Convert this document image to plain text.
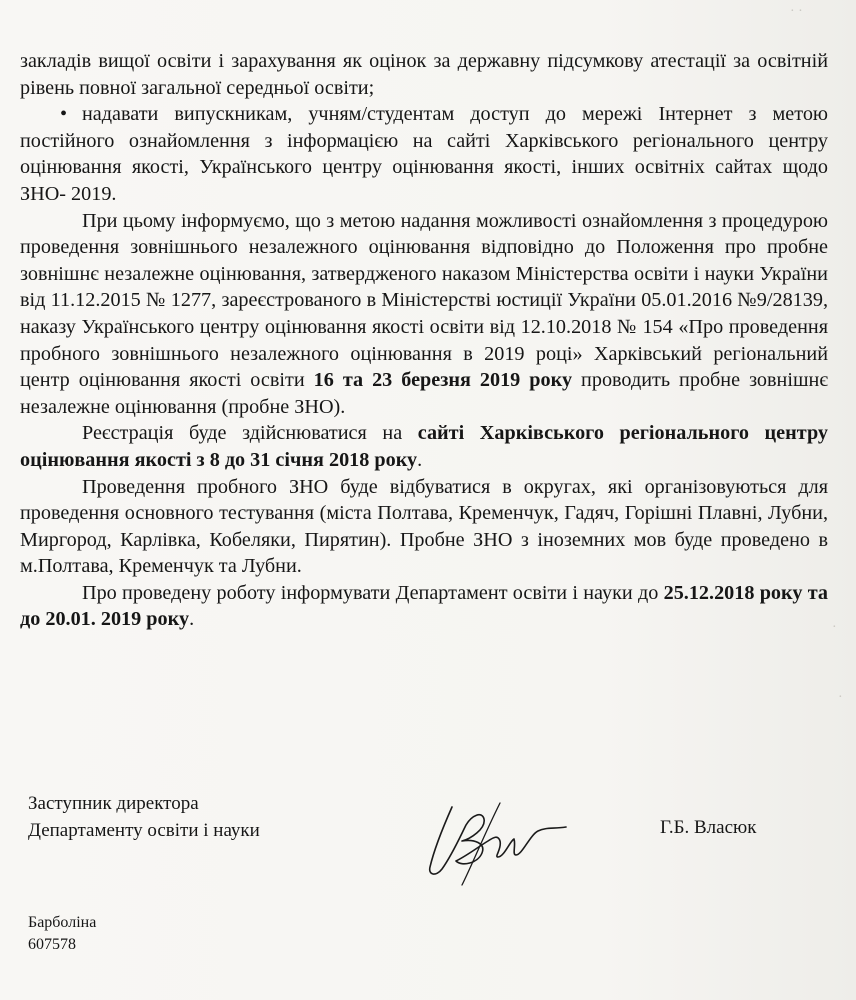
· ·
·
·

закладів вищої освіти і зарахування як оцінок за державну підсумкову атестації за освітній рівень повної загальної середньої освіти;

• надавати випускникам, учням/студентам доступ до мережі Інтернет з метою постійного ознайомлення з інформацією на сайті Харківського регіонального центру оцінювання якості, Українського центру оцінювання якості, інших освітніх сайтах щодо ЗНО- 2019.

При цьому інформуємо, що з метою надання можливості ознайомлення з процедурою проведення зовнішнього незалежного оцінювання відповідно до Положення про пробне зовнішнє незалежне оцінювання, затвердженого наказом Міністерства освіти і науки України від 11.12.2015 № 1277, зареєстрованого в Міністерстві юстиції України 05.01.2016 №9/28139, наказу Українського центру оцінювання якості освіти від 12.10.2018 № 154 «Про проведення пробного зовнішнього незалежного оцінювання в 2019 році» Харківський регіональний центр оцінювання якості освіти 16 та 23 березня 2019 року проводить пробне зовнішнє незалежне оцінювання (пробне ЗНО).

Реєстрація буде здійснюватися на сайті Харківського регіонального центру оцінювання якості з 8 до 31 січня 2018 року.

Проведення пробного ЗНО буде відбуватися в округах, які організовуються для проведення основного тестування (міста Полтава, Кременчук, Гадяч, Горішні Плавні, Лубни, Миргород, Карлівка, Кобеляки, Пирятин). Пробне ЗНО з іноземних мов буде проведено в м.Полтава, Кременчук та Лубни.

Про проведену роботу інформувати Департамент освіти і науки до 25.12.2018 року та до 20.01. 2019 року.

Заступник директора
Департаменту освіти і науки	Г.Б. Власюк
Барболіна
607578
